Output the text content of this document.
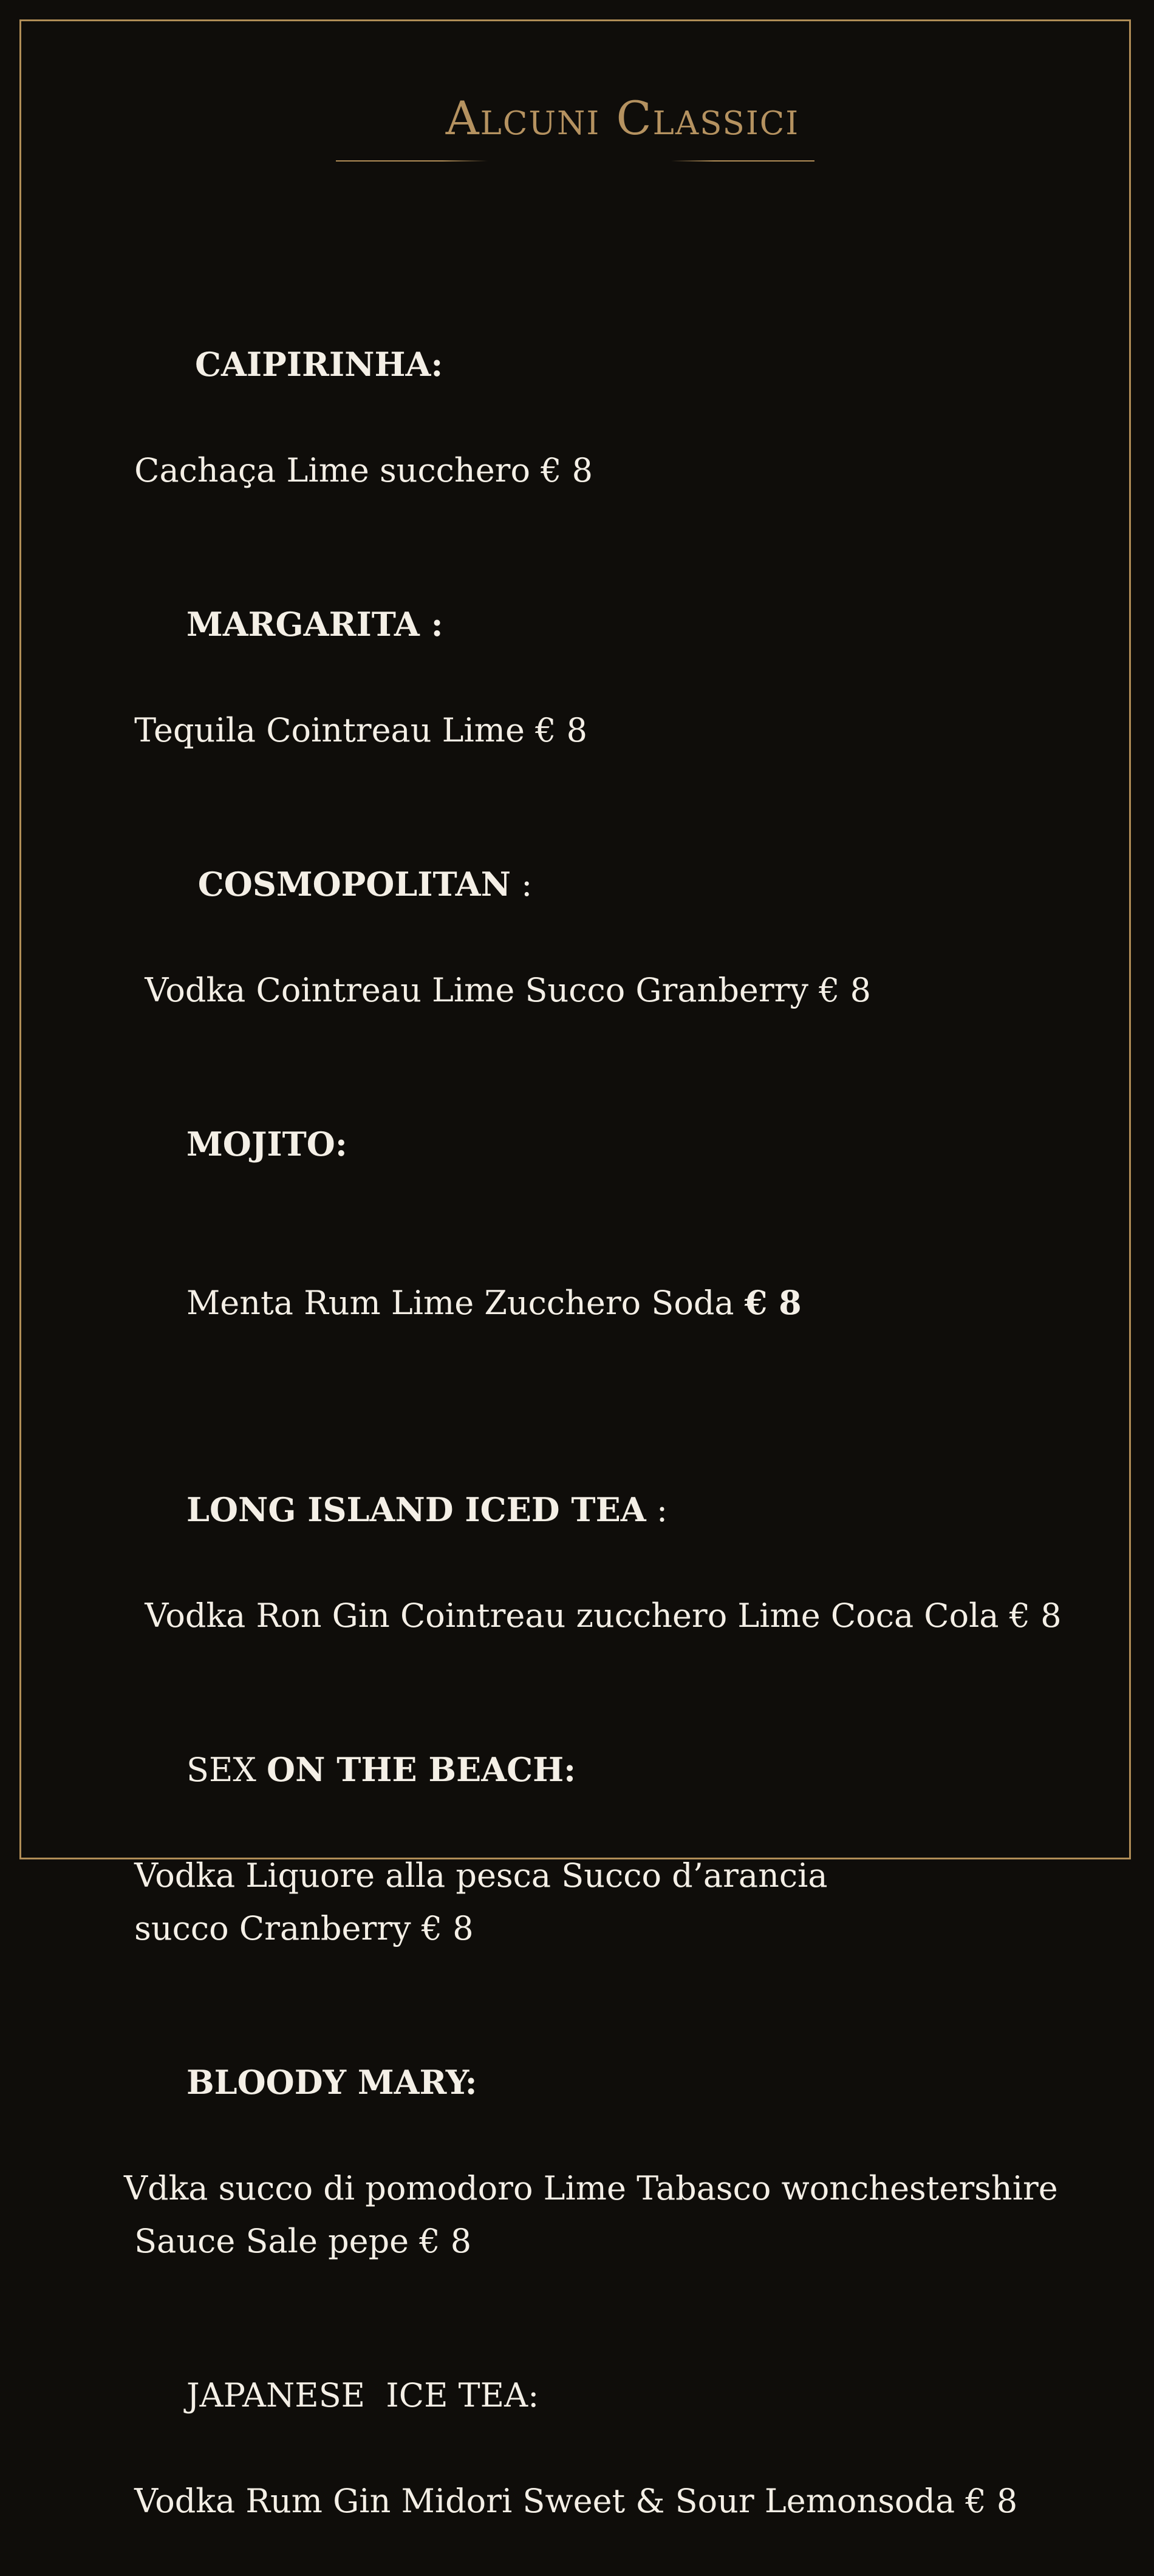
Alcuni Classici

CAIPIRINHA:

Cachaça Lime succhero € 8

MARGARITA :

Tequila Cointreau Lime € 8

COSMOPOLITAN :

Vodka Cointreau Lime Succo Granberry € 8

MOJITO:

Menta Rum Lime Zucchero Soda € 8

LONG ISLAND ICED TEA :

Vodka Ron Gin Cointreau zucchero Lime Coca Cola € 8

SEX ON THE BEACH:

Vodka Liquore alla pesca Succo d’arancia
succo Cranberry € 8

BLOODY MARY:

Vdka succo di pomodoro Lime Tabasco wonchestershire
Sauce Sale pepe € 8

JAPANESE  ICE TEA:

Vodka Rum Gin Midori Sweet & Sour Lemonsoda € 8
